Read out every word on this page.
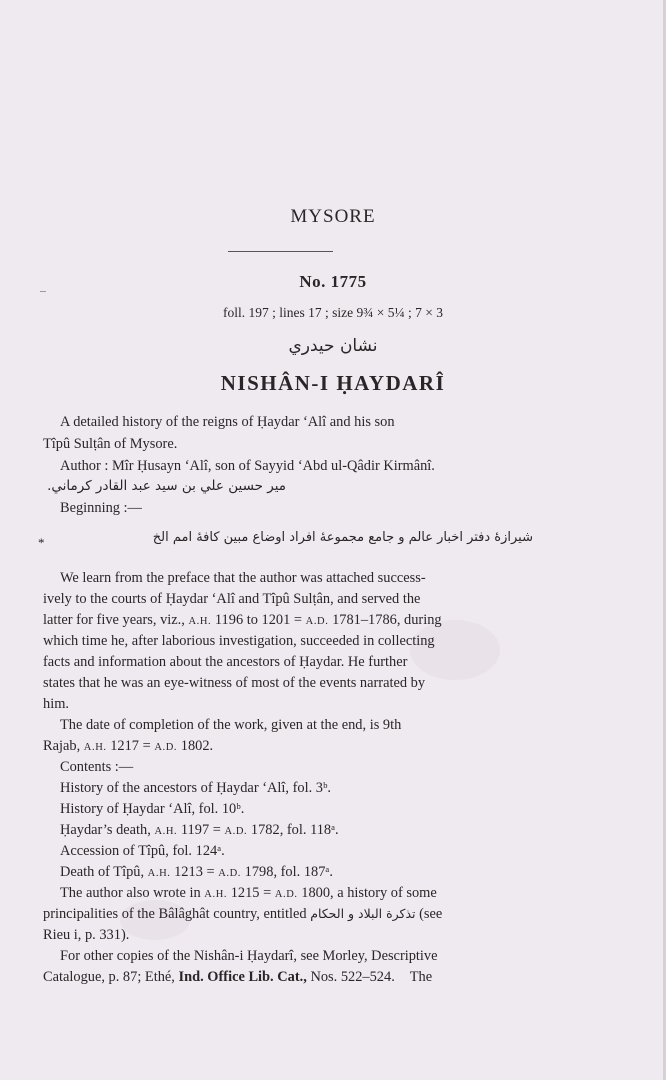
MYSORE
No. 1775
foll. 197 ; lines 17 ; size 9¾ × 5¼ ; 7 × 3
نشان حيدري
NISHÂN-I ḤAYDARÎ
A detailed history of the reigns of Ḥaydar ‘Alî and his son
Tîpû Sulṭân of Mysore.
Author : Mîr Ḥusayn ‘Alî, son of Sayyid ‘Abd ul-Qâdir Kirmânî.
مير حسين علي بن سيد عبد القادر كرماني.
Beginning :—
*	شيرازهٔ دفتر اخبار عالم و جامع مجموعهٔ افراد اوضاع مبين كافهٔ امم الخ
We learn from the preface that the author was attached success-
ively to the courts of Ḥaydar ‘Alî and Tîpû Sulṭân, and served the
latter for five years, viz., A.H. 1196 to 1201 = A.D. 1781–1786, during
which time he, after laborious investigation, succeeded in collecting
facts and information about the ancestors of Ḥaydar. He further
states that he was an eye-witness of most of the events narrated by
him.
The date of completion of the work, given at the end, is 9th
Rajab, A.H. 1217 = A.D. 1802.
Contents :—
History of the ancestors of Ḥaydar ‘Alî, fol. 3ᵇ.
History of Ḥaydar ‘Alî, fol. 10ᵇ.
Ḥaydar’s death, A.H. 1197 = A.D. 1782, fol. 118ᵃ.
Accession of Tîpû, fol. 124ᵃ.
Death of Tîpû, A.H. 1213 = A.D. 1798, fol. 187ᵃ.
The author also wrote in A.H. 1215 = A.D. 1800, a history of some
principalities of the Bâlâghât country, entitled تذكرة البلاد و الحكام (see
Rieu i, p. 331).
For other copies of the Nishân-i Ḥaydarî, see Morley, Descriptive
Catalogue, p. 87; Ethé, Ind. Office Lib. Cat., Nos. 522–524. The
